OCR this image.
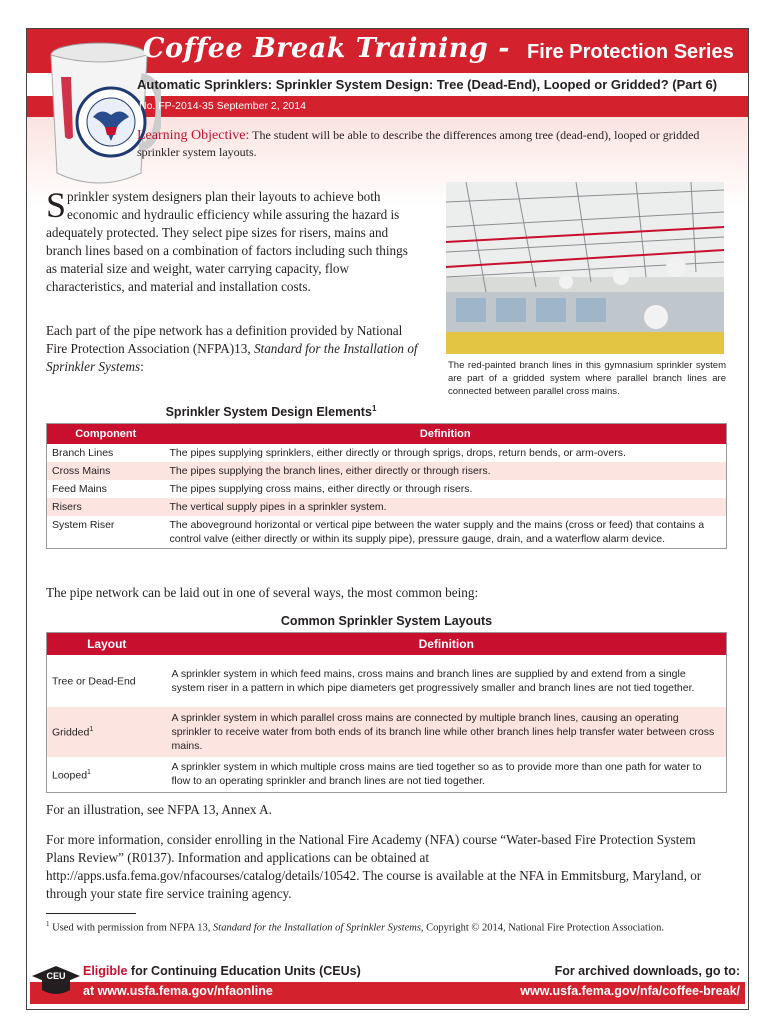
Coffee Break Training - Fire Protection Series
Automatic Sprinklers: Sprinkler System Design: Tree (Dead-End), Looped or Gridded? (Part 6)
No. FP-2014-35 September 2, 2014
Learning Objective: The student will be able to describe the differences among tree (dead-end), looped or gridded sprinkler system layouts.
Sprinkler system designers plan their layouts to achieve both economic and hydraulic efficiency while assuring the hazard is adequately protected. They select pipe sizes for risers, mains and branch lines based on a combination of factors including such things as material size and weight, water carrying capacity, flow characteristics, and material and installation costs.
Each part of the pipe network has a definition provided by National Fire Protection Association (NFPA)13, Standard for the Installation of Sprinkler Systems:	The red-painted branch lines in this gymnasium sprinkler system are part of a gridded system where parallel branch lines are connected between parallel cross mains.
Sprinkler System Design Elements$^1$
Component	Definition
Branch Lines	The pipes supplying sprinklers, either directly or through sprigs, drops, return bends, or arm-overs.
Cross Mains	The pipes supplying the branch lines, either directly or through risers.
Feed Mains	The pipes supplying cross mains, either directly or through risers.
Risers	The vertical supply pipes in a sprinkler system.
System Riser	The aboveground horizontal or vertical pipe between the water supply and the mains (cross or feed) that contains a control valve (either directly or within its supply pipe), pressure gauge, drain, and a waterflow alarm device.
The pipe network can be laid out in one of several ways, the most common being:
Common Sprinkler System Layouts
Layout	Definition
Tree or Dead-End	A sprinkler system in which feed mains, cross mains and branch lines are supplied by and extend from a single system riser in a pattern in which pipe diameters get progressively smaller and branch lines are not tied together.
Gridded$^1$	A sprinkler system in which parallel cross mains are connected by multiple branch lines, causing an operating sprinkler to receive water from both ends of its branch line while other branch lines help transfer water between cross mains.
Looped$^1$	A sprinkler system in which multiple cross mains are tied together so as to provide more than one path for water to flow to an operating sprinkler and branch lines are not tied together.
For an illustration, see NFPA 13, Annex A.
For more information, consider enrolling in the National Fire Academy (NFA) course “Water-based Fire Protection System Plans Review” (R0137). Information and applications can be obtained at http://apps.usfa.fema.gov/nfacourses/catalog/details/10542. The course is available at the NFA in Emmitsburg, Maryland, or through your state fire service training agency.
$^1$ Used with permission from NFPA 13, Standard for the Installation of Sprinkler Systems, Copyright © 2014, National Fire Protection Association.
CEU Eligible for Continuing Education Units (CEUs)
at www.usfa.fema.gov/nfaonline
For archived downloads, go to:
www.usfa.fema.gov/nfa/coffee-break/
